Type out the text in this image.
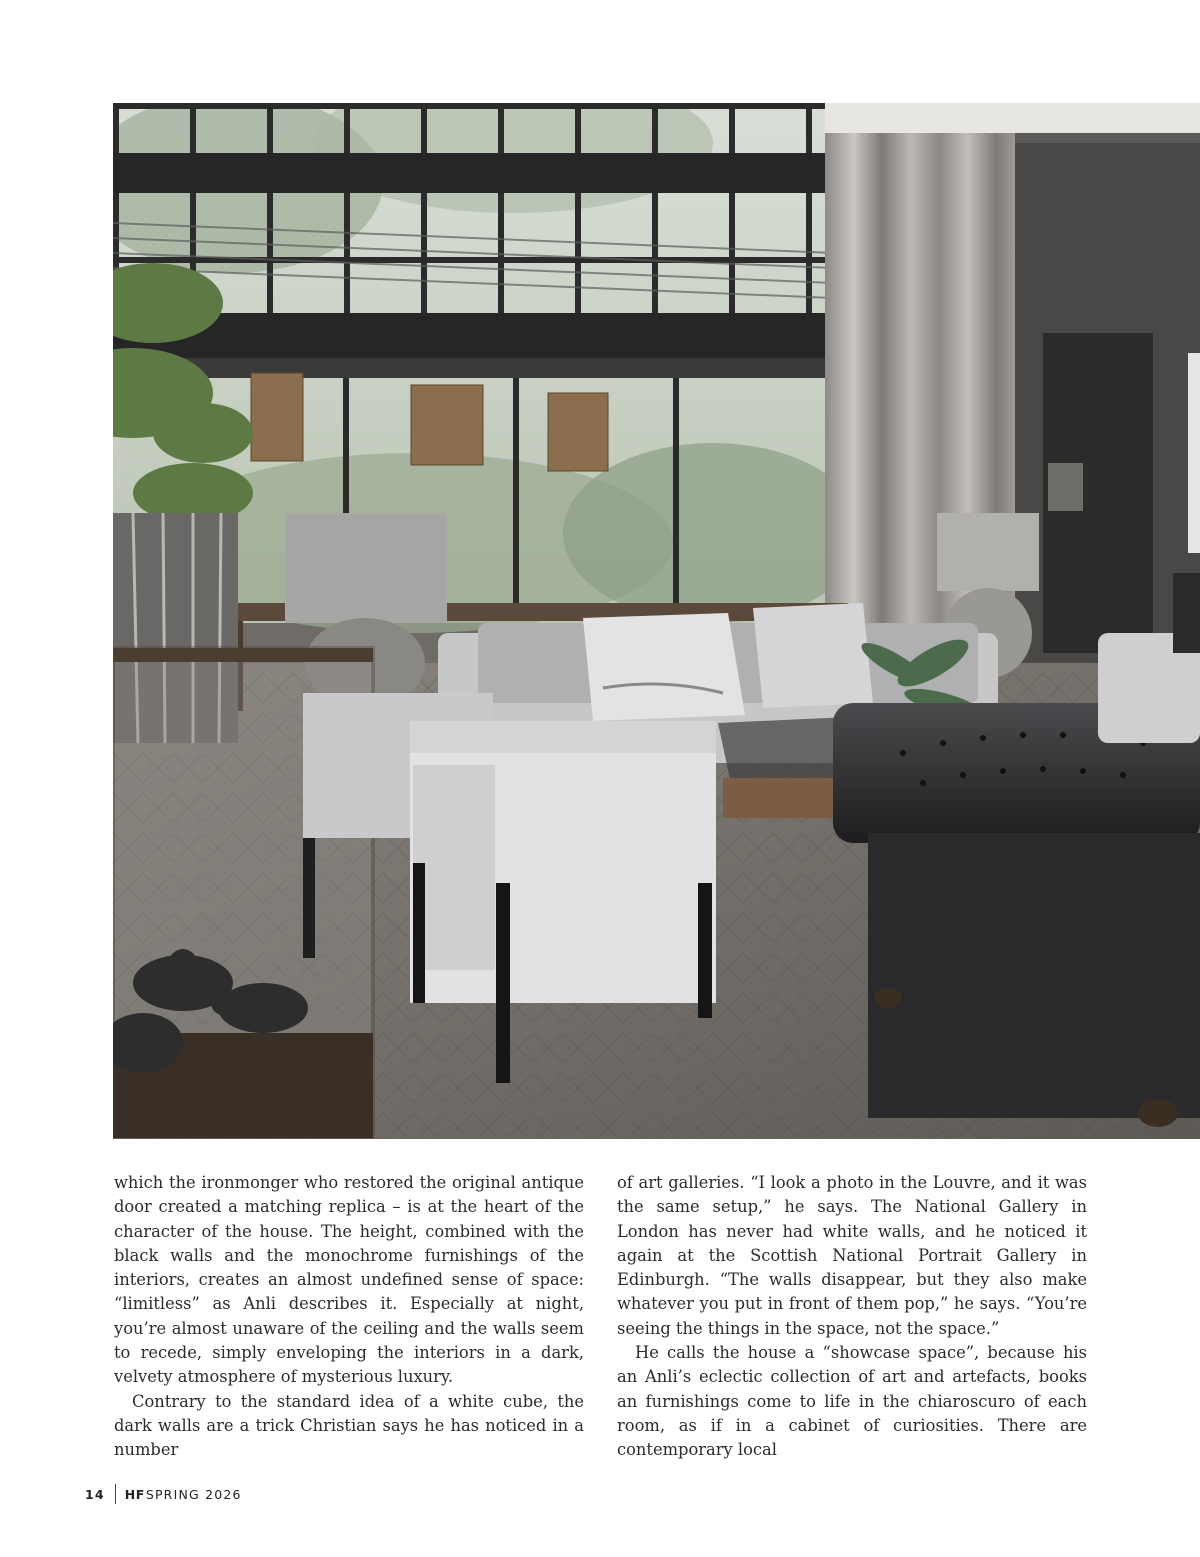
which the ironmonger who restored the original antique door created a matching replica – is at the heart of the character of the house. The height, combined with the black walls and the monochrome furnishings of the interiors, creates an almost undefined sense of space: “limitless” as Anli describes it. Especially at night, you’re almost unaware of the ceiling and the walls seem to recede, simply enveloping the interiors in a dark, velvety atmosphere of mysterious luxury.

Contrary to the standard idea of a white cube, the dark walls are a trick Christian says he has noticed in a number

of art galleries. “I look a photo in the Louvre, and it was the same setup,” he says. The National Gallery in London has never had white walls, and he noticed it again at the Scottish National Portrait Gallery in Edinburgh. “The walls disappear, but they also make whatever you put in front of them pop,” he says. “You’re seeing the things in the space, not the space.”

He calls the house a “showcase space”, because his an Anli’s eclectic collection of art and artefacts, books an furnishings come to life in the chiaroscuro of each room, as if in a cabinet of curiosities. There are contemporary local

14 HF SPRING 2026
